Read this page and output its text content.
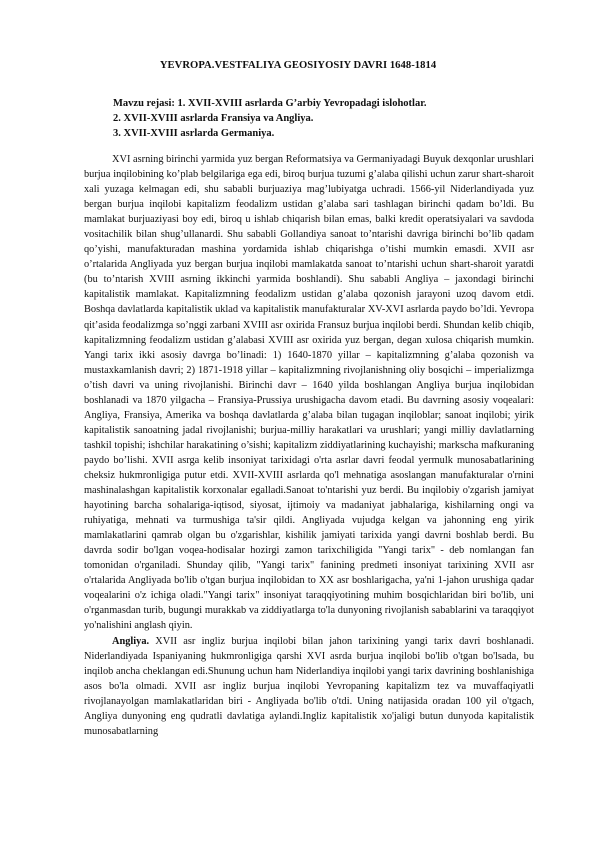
YEVROPA.VESTFALIYA GEOSIYOSIY DAVRI 1648-1814
Mavzu rejasi: 1. XVII-XVIII asrlarda G’arbiy Yevropadagi islohotlar.
2. XVII-XVIII asrlarda Fransiya va Angliya.
3. XVII-XVIII asrlarda Germaniya.

XVI asrning birinchi yarmida yuz bergan Reformatsiya va Germaniyadagi Buyuk dexqonlar urushlari burjua inqilobining ko’plab belgilariga ega edi, biroq burjua tuzumi g’alaba qilishi uchun zarur shart-sharoit xali yuzaga kelmagan edi, shu sababli burjuaziya mag’lubiyatga uchradi. 1566-yil Niderlandiyada yuz bergan burjua inqilobi kapitalizm feodalizm ustidan g’alaba sari tashlagan birinchi qadam bo’ldi. Bu mamlakat burjuaziyasi boy edi, biroq u ishlab chiqarish bilan emas, balki kredit operatsiyalari va savdoda vositachilik bilan shug’ullanardi. Shu sababli Gollandiya sanoat to’ntarishi davriga birinchi bo’lib qadam qo’yishi, manufakturadan mashina yordamida ishlab chiqarishga o’tishi mumkin emasdi. XVII asr o’rtalarida Angliyada yuz bergan burjua inqilobi mamlakatda sanoat to’ntarishi uchun shart-sharoit yaratdi (bu to’ntarish XVIII asrning ikkinchi yarmida boshlandi). Shu sababli Angliya – jaxondagi birinchi kapitalistik mamlakat. Kapitalizmning feodalizm ustidan g’alaba qozonish jarayoni uzoq davom etdi. Boshqa davlatlarda kapitalistik uklad va kapitalistik manufakturalar XV-XVI asrlarda paydo bo’ldi. Yevropa qit’asida feodalizmga so’nggi zarbani XVIII asr oxirida Fransuz burjua inqilobi berdi. Shundan kelib chiqib, kapitalizmning feodalizm ustidan g’alabasi XVIII asr oxirida yuz bergan, degan xulosa chiqarish mumkin. Yangi tarix ikki asosiy davrga bo’linadi: 1) 1640-1870 yillar – kapitalizmning g’alaba qozonish va mustaxkamlanish davri; 2) 1871-1918 yillar – kapitalizmning rivojlanishning oliy bosqichi – imperializmga o’tish davri va uning rivojlanishi. Birinchi davr – 1640 yilda boshlangan Angliya burjua inqilobidan boshlanadi va 1870 yilgacha – Fransiya-Prussiya urushigacha davom etadi. Bu davrning asosiy voqealari: Angliya, Fransiya, Amerika va boshqa davlatlarda g’alaba bilan tugagan inqiloblar; sanoat inqilobi; yirik kapitalistik sanoatning jadal rivojlanishi; burjua-milliy harakatlari va urushlari; yangi milliy davlatlarning tashkil topishi; ishchilar harakatining o’sishi; kapitalizm ziddiyatlarining kuchayishi; markscha mafkuraning paydo bo’lishi. XVII asrga kelib insoniyat tarixidagi o'rta asrlar davri feodal yermulk munosabatlarining cheksiz hukmronligiga putur etdi. XVII-XVIII asrlarda qo'l mehnatiga asoslangan manufakturalar o'rnini mashinalashgan kapitalistik korxonalar egalladi.Sanoat to'ntarishi yuz berdi. Bu inqilobiy o'zgarish jamiyat hayotining barcha sohalariga-iqtisod, siyosat, ijtimoiy va madaniyat jabhalariga, kishilarning ongi va ruhiyatiga, mehnati va turmushiga ta'sir qildi. Angliyada vujudga kelgan va jahonning eng yirik mamlakatlarini qamrab olgan bu o'zgarishlar, kishilik jamiyati tarixida yangi davrni boshlab berdi. Bu davrda sodir bo'lgan voqea-hodisalar hozirgi zamon tarixchiligida "Yangi tarix" - deb nomlangan fan tomonidan o'rganiladi. Shunday qilib, "Yangi tarix" fanining predmeti insoniyat tarixining XVII asr o'rtalarida Angliyada bo'lib o'tgan burjua inqilobidan to XX asr boshlarigacha, ya'ni 1-jahon urushiga qadar voqealarini o'z ichiga oladi."Yangi tarix" insoniyat taraqqiyotining muhim bosqichlaridan biri bo'lib, uni o'rganmasdan turib, bugungi murakkab va ziddiyatlarga to'la dunyoning rivojlanish sabablarini va taraqqiyot yo'nalishini anglash qiyin.

Angliya. XVII asr ingliz burjua inqilobi bilan jahon tarixining yangi tarix davri boshlanadi. Niderlandiyada Ispaniyaning hukmronligiga qarshi XVI asrda burjua inqilobi bo'lib o'tgan bo'lsada, bu inqilob ancha cheklangan edi.Shunung uchun ham Niderlandiya inqilobi yangi tarix davrining boshlanishiga asos bo'la olmadi. XVII asr ingliz burjua inqilobi Yevropaning kapitalizm tez va muvaffaqiyatli rivojlanayolgan mamlakatlaridan biri - Angliyada bo'lib o'tdi. Uning natijasida oradan 100 yil o'tgach, Angliya dunyoning eng qudratli davlatiga aylandi.Ingliz kapitalistik xo'jaligi butun dunyoda kapitalistik munosabatlarning
